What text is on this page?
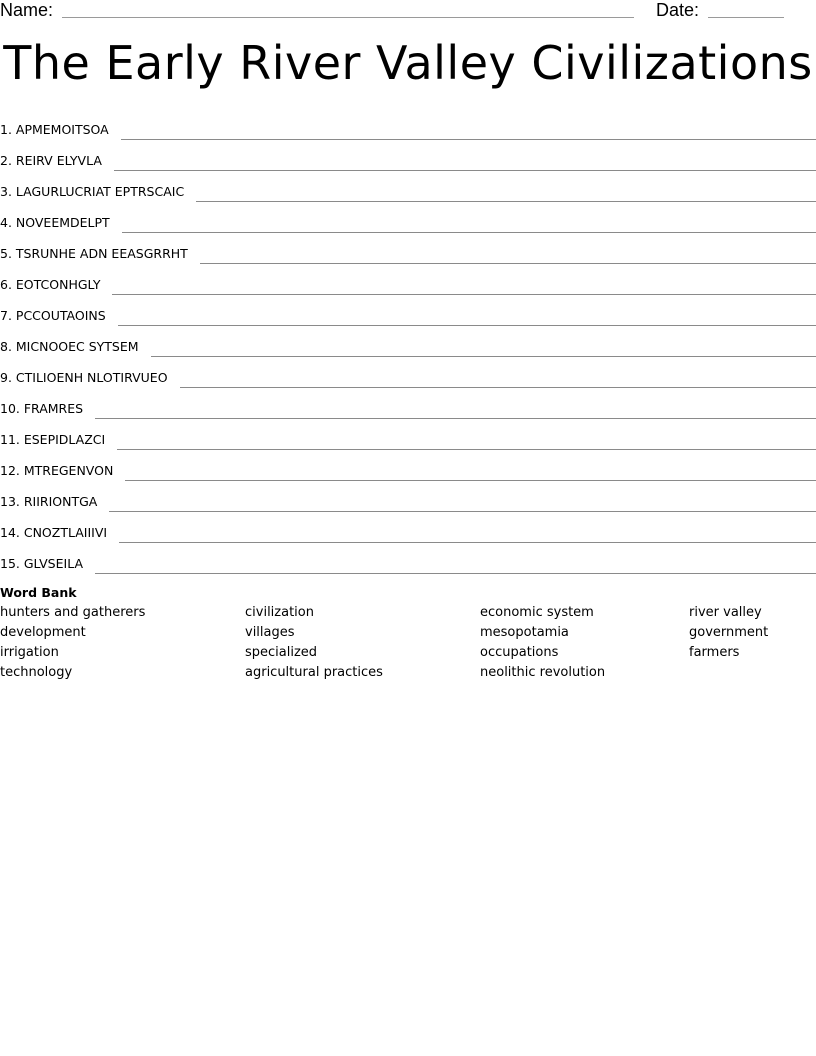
Name:	Date:
The Early River Valley Civilizations
1. APMEMOITSOA
2. REIRV ELYVLA
3. LAGURLUCRIAT EPTRSCAIC
4. NOVEEMDELPT
5. TSRUNHE ADN EEASGRRHT
6. EOTCONHGLY
7. PCCOUTAOINS
8. MICNOOEC SYTSEM
9. CTILIOENH NLOTIRVUEO
10. FRAMRES
11. ESEPIDLAZCI
12. MTREGENVON
13. RIIRIONTGA
14. CNOZTLAIIIVI
15. GLVSEILA
Word Bank
hunters and gatherers
development
irrigation
technology
civilization
villages
specialized
agricultural practices
economic system
mesopotamia
occupations
neolithic revolution
river valley
government
farmers
